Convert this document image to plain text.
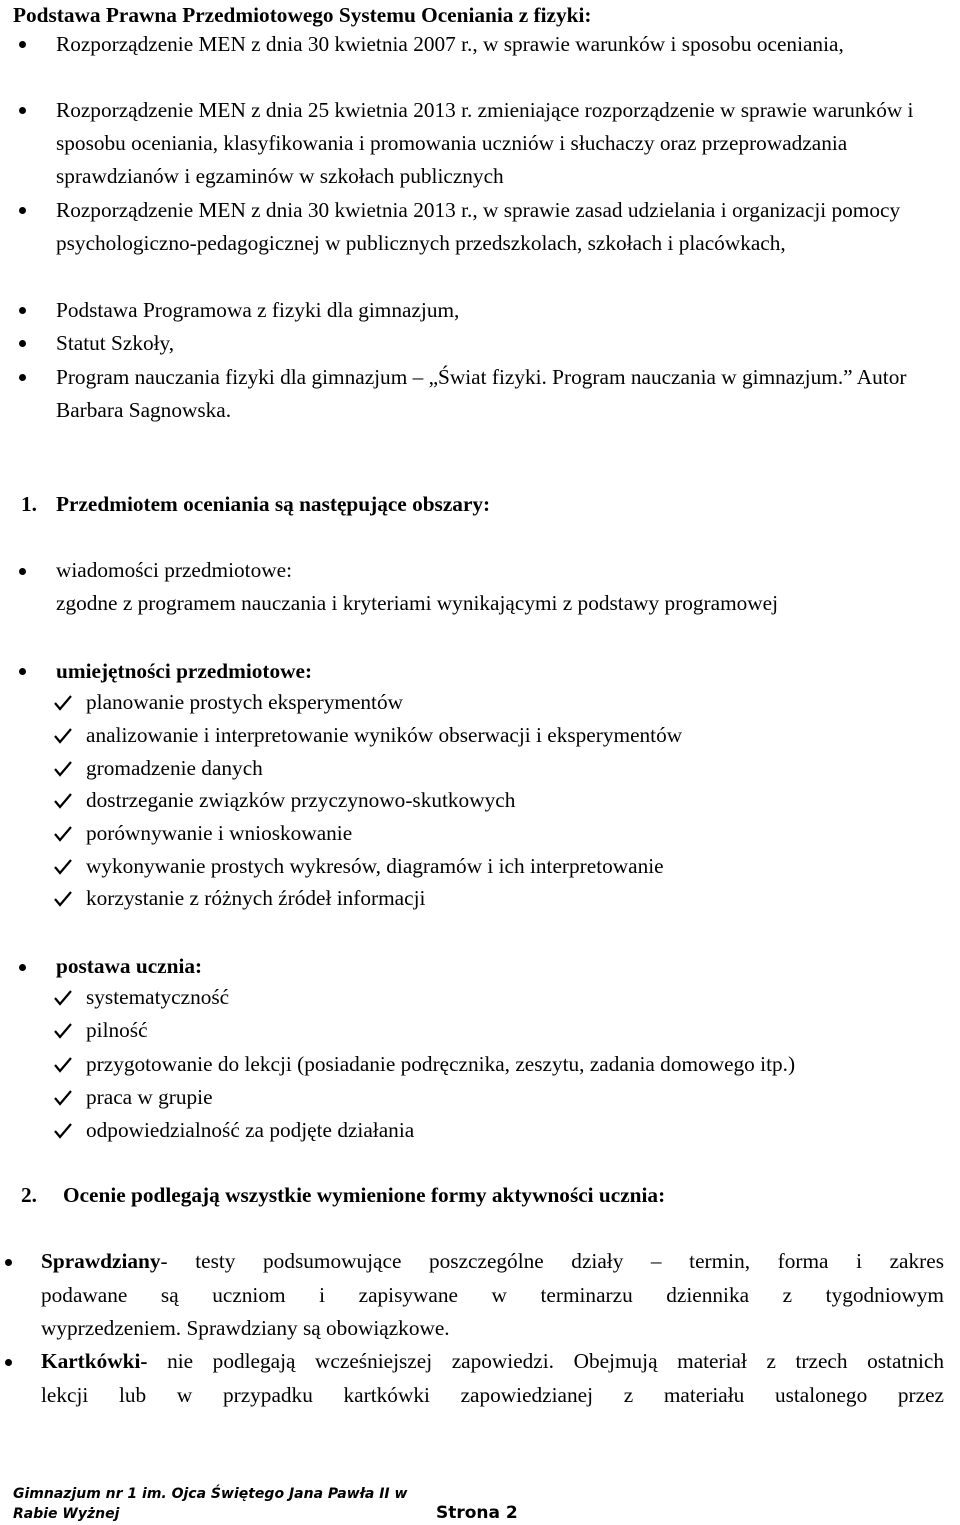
Podstawa Prawna Przedmiotowego Systemu Oceniania z fizyki:
Rozporządzenie MEN z dnia 30 kwietnia 2007 r., w sprawie warunków i sposobu oceniania,
Rozporządzenie MEN z dnia 25 kwietnia 2013 r. zmieniające rozporządzenie w sprawie warunków i sposobu oceniania, klasyfikowania i promowania uczniów i słuchaczy oraz przeprowadzania sprawdzianów i egzaminów w szkołach publicznych
Rozporządzenie MEN z dnia 30 kwietnia 2013 r., w sprawie zasad udzielania i organizacji pomocy psychologiczno-pedagogicznej w publicznych przedszkolach, szkołach i placówkach,
Podstawa Programowa z fizyki dla gimnazjum,
Statut Szkoły,
Program nauczania fizyki dla gimnazjum – „Świat fizyki. Program nauczania w gimnazjum.” Autor Barbara Sagnowska.
1. Przedmiotem oceniania są następujące obszary:
wiadomości przedmiotowe:
zgodne z programem nauczania i kryteriami wynikającymi z podstawy programowej
umiejętności przedmiotowe:
planowanie prostych eksperymentów
analizowanie i interpretowanie wyników obserwacji i eksperymentów
gromadzenie danych
dostrzeganie związków przyczynowo-skutkowych
porównywanie i wnioskowanie
wykonywanie prostych wykresów, diagramów i ich interpretowanie
korzystanie z różnych źródeł informacji
postawa ucznia:
systematyczność
pilność
przygotowanie do lekcji (posiadanie podręcznika, zeszytu, zadania domowego itp.)
praca w grupie
odpowiedzialność za podjęte działania
2. Ocenie podlegają wszystkie wymienione formy aktywności ucznia:
Sprawdziany- testy podsumowujące poszczególne działy – termin, forma i zakres
podawane są uczniom i zapisywane w terminarzu dziennika z tygodniowym
wyprzedzeniem. Sprawdziany są obowiązkowe.
Kartkówki- nie podlegają wcześniejszej zapowiedzi. Obejmują materiał z trzech ostatnich
lekcji lub w przypadku kartkówki zapowiedzianej z materiału ustalonego przez
Gimnazjum nr 1 im. Ojca Świętego Jana Pawła II w
Rabie Wyżnej	Strona 2
